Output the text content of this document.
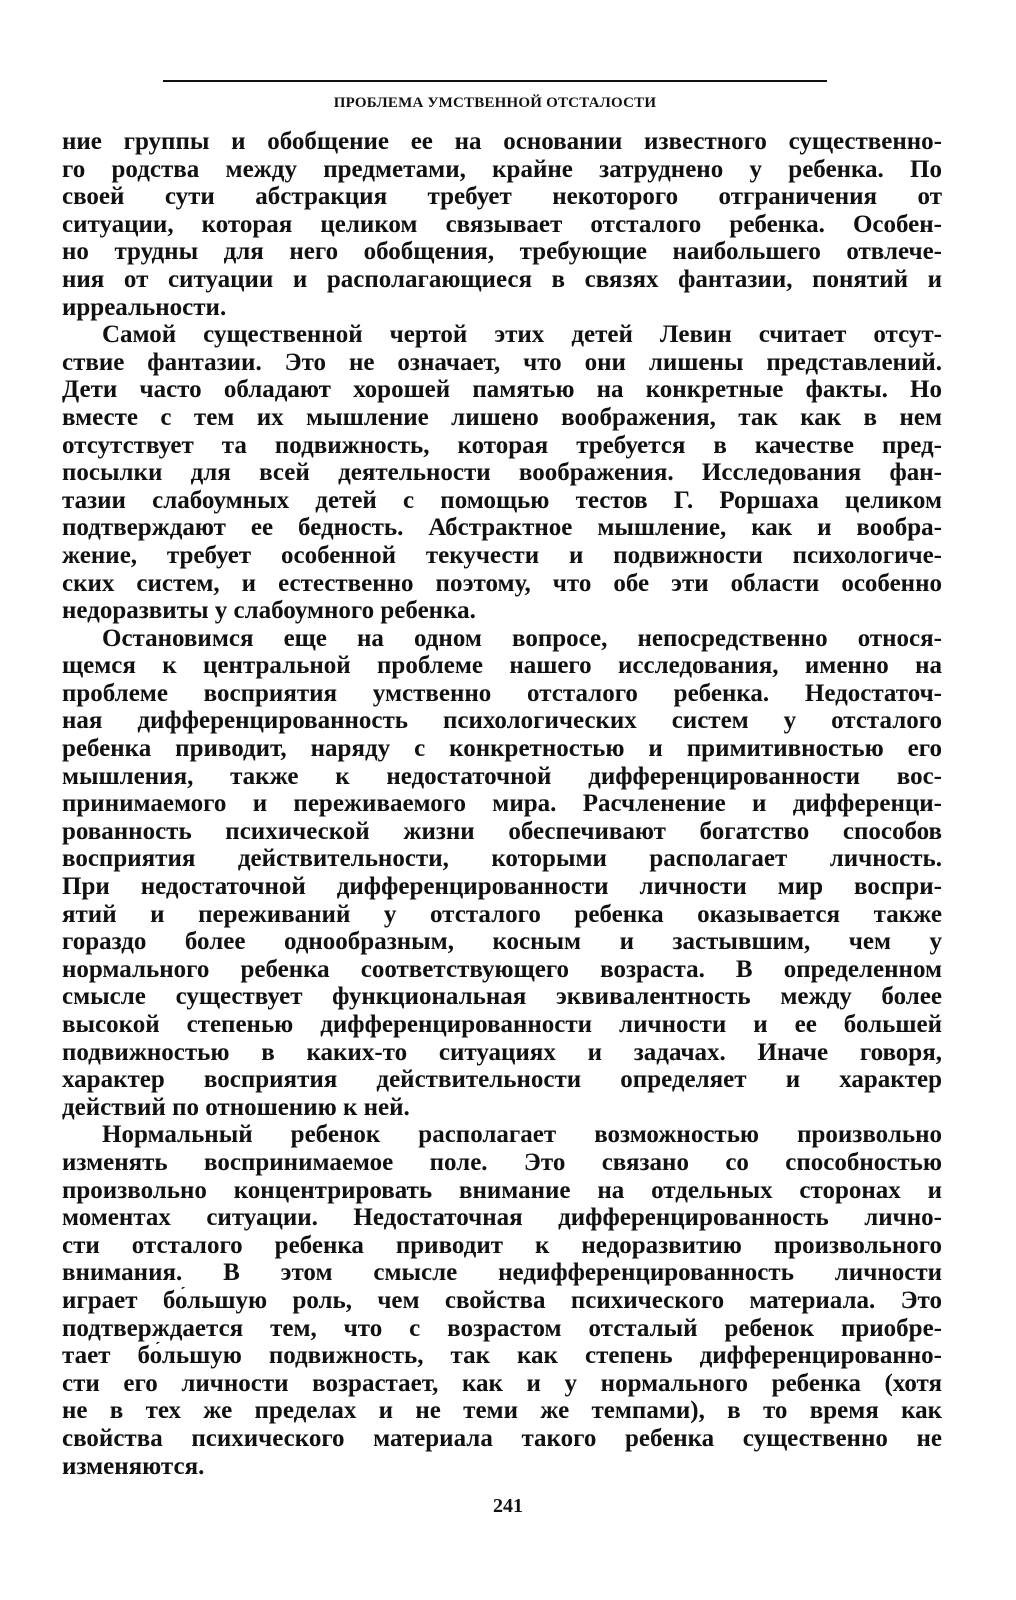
ПРОБЛЕМА УМСТВЕННОЙ ОТСТАЛОСТИ
ние группы и обобщение ее на основании известного существенно-
го родства между предметами, крайне затруднено у ребенка. По
своей сути абстракция требует некоторого отграничения от
ситуации, которая целиком связывает отсталого ребенка. Особен-
но трудны для него обобщения, требующие наибольшего отвлече-
ния от ситуации и располагающиеся в связях фантазии, понятий и
ирреальности.
Самой существенной чертой этих детей Левин считает отсут-
ствие фантазии. Это не означает, что они лишены представлений.
Дети часто обладают хорошей памятью на конкретные факты. Но
вместе с тем их мышление лишено воображения, так как в нем
отсутствует та подвижность, которая требуется в качестве пред-
посылки для всей деятельности воображения. Исследования фан-
тазии слабоумных детей с помощью тестов Г. Роршаха целиком
подтверждают ее бедность. Абстрактное мышление, как и вообра-
жение, требует особенной текучести и подвижности психологиче-
ских систем, и естественно поэтому, что обе эти области особенно
недоразвиты у слабоумного ребенка.
Остановимся еще на одном вопросе, непосредственно относя-
щемся к центральной проблеме нашего исследования, именно на
проблеме восприятия умственно отсталого ребенка. Недостаточ-
ная дифференцированность психологических систем у отсталого
ребенка приводит, наряду с конкретностью и примитивностью его
мышления, также к недостаточной дифференцированности вос-
принимаемого и переживаемого мира. Расчленение и дифференци-
рованность психической жизни обеспечивают богатство способов
восприятия действительности, которыми располагает личность.
При недостаточной дифференцированности личности мир воспри-
ятий и переживаний у отсталого ребенка оказывается также
гораздо более однообразным, косным и застывшим, чем у
нормального ребенка соответствующего возраста. В определенном
смысле существует функциональная эквивалентность между более
высокой степенью дифференцированности личности и ее большей
подвижностью в каких-то ситуациях и задачах. Иначе говоря,
характер восприятия действительности определяет и характер
действий по отношению к ней.
Нормальный ребенок располагает возможностью произвольно
изменять воспринимаемое поле. Это связано со способностью
произвольно концентрировать внимание на отдельных сторонах и
моментах ситуации. Недостаточная дифференцированность лично-
сти отсталого ребенка приводит к недоразвитию произвольного
внимания. В этом смысле недифференцированность личности
играет бо́льшую роль, чем свойства психического материала. Это
подтверждается тем, что с возрастом отсталый ребенок приобре-
тает бо́льшую подвижность, так как степень дифференцированно-
сти его личности возрастает, как и у нормального ребенка (хотя
не в тех же пределах и не теми же темпами), в то время как
свойства психического материала такого ребенка существенно не
изменяются.
241
